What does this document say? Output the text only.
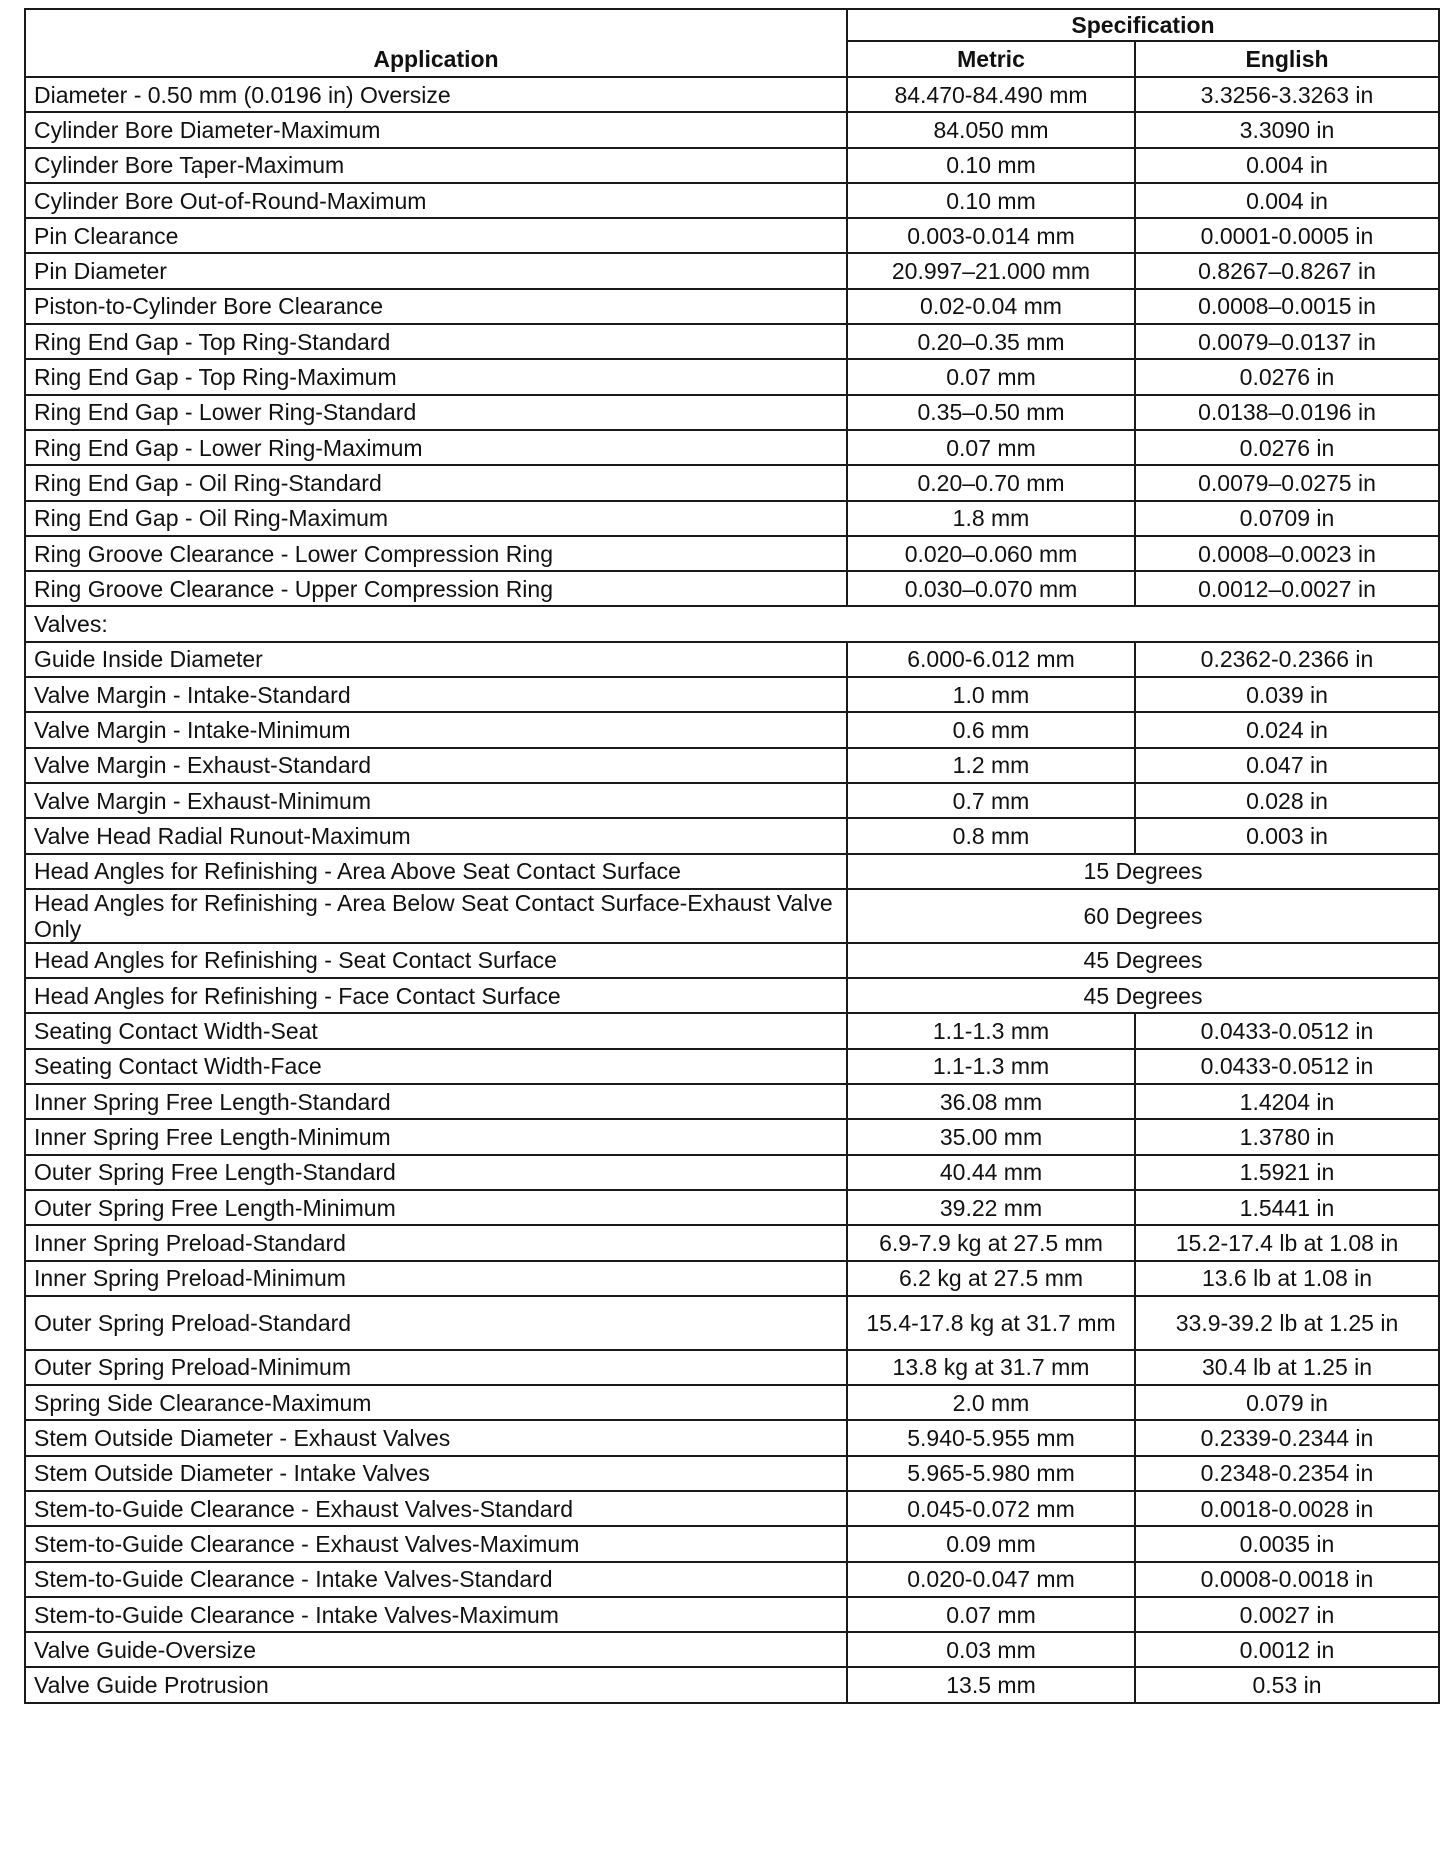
	Specification	
Application	Metric	English
Diameter - 0.50 mm (0.0196 in) Oversize	84.470-84.490 mm	3.3256-3.3263 in
Cylinder Bore Diameter-Maximum	84.050 mm	3.3090 in
Cylinder Bore Taper-Maximum	0.10 mm	0.004 in
Cylinder Bore Out-of-Round-Maximum	0.10 mm	0.004 in
Pin Clearance	0.003-0.014 mm	0.0001-0.0005 in
Pin Diameter	20.997–21.000 mm	0.8267–0.8267 in
Piston-to-Cylinder Bore Clearance	0.02-0.04 mm	0.0008–0.0015 in
Ring End Gap - Top Ring-Standard	0.20–0.35 mm	0.0079–0.0137 in
Ring End Gap - Top Ring-Maximum	0.07 mm	0.0276 in
Ring End Gap - Lower Ring-Standard	0.35–0.50 mm	0.0138–0.0196 in
Ring End Gap - Lower Ring-Maximum	0.07 mm	0.0276 in
Ring End Gap - Oil Ring-Standard	0.20–0.70 mm	0.0079–0.0275 in
Ring End Gap - Oil Ring-Maximum	1.8 mm	0.0709 in
Ring Groove Clearance - Lower Compression Ring	0.020–0.060 mm	0.0008–0.0023 in
Ring Groove Clearance - Upper Compression Ring	0.030–0.070 mm	0.0012–0.0027 in
Valves:		
Guide Inside Diameter	6.000-6.012 mm	0.2362-0.2366 in
Valve Margin - Intake-Standard	1.0 mm	0.039 in
Valve Margin - Intake-Minimum	0.6 mm	0.024 in
Valve Margin - Exhaust-Standard	1.2 mm	0.047 in
Valve Margin - Exhaust-Minimum	0.7 mm	0.028 in
Valve Head Radial Runout-Maximum	0.8 mm	0.003 in
Head Angles for Refinishing - Area Above Seat Contact Surface	15 Degrees	
Head Angles for Refinishing - Area Below Seat Contact Surface-Exhaust Valve Only	60 Degrees	
Head Angles for Refinishing - Seat Contact Surface	45 Degrees	
Head Angles for Refinishing - Face Contact Surface	45 Degrees	
Seating Contact Width-Seat	1.1-1.3 mm	0.0433-0.0512 in
Seating Contact Width-Face	1.1-1.3 mm	0.0433-0.0512 in
Inner Spring Free Length-Standard	36.08 mm	1.4204 in
Inner Spring Free Length-Minimum	35.00 mm	1.3780 in
Outer Spring Free Length-Standard	40.44 mm	1.5921 in
Outer Spring Free Length-Minimum	39.22 mm	1.5441 in
Inner Spring Preload-Standard	6.9-7.9 kg at 27.5 mm	15.2-17.4 lb at 1.08 in
Inner Spring Preload-Minimum	6.2 kg at 27.5 mm	13.6 lb at 1.08 in
Outer Spring Preload-Standard	15.4-17.8 kg at 31.7 mm	33.9-39.2 lb at 1.25 in
Outer Spring Preload-Minimum	13.8 kg at 31.7 mm	30.4 lb at 1.25 in
Spring Side Clearance-Maximum	2.0 mm	0.079 in
Stem Outside Diameter - Exhaust Valves	5.940-5.955 mm	0.2339-0.2344 in
Stem Outside Diameter - Intake Valves	5.965-5.980 mm	0.2348-0.2354 in
Stem-to-Guide Clearance - Exhaust Valves-Standard	0.045-0.072 mm	0.0018-0.0028 in
Stem-to-Guide Clearance - Exhaust Valves-Maximum	0.09 mm	0.0035 in
Stem-to-Guide Clearance - Intake Valves-Standard	0.020-0.047 mm	0.0008-0.0018 in
Stem-to-Guide Clearance - Intake Valves-Maximum	0.07 mm	0.0027 in
Valve Guide-Oversize	0.03 mm	0.0012 in
Valve Guide Protrusion	13.5 mm	0.53 in
